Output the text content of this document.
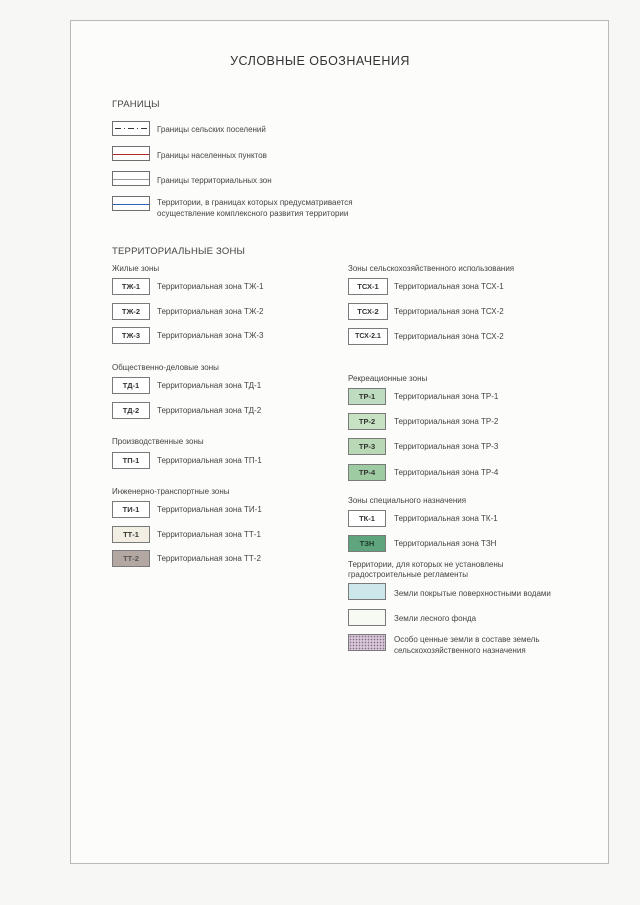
УСЛОВНЫЕ ОБОЗНАЧЕНИЯ
ГРАНИЦЫ
Границы сельских поселений
Границы населенных пунктов
Границы территориальных зон
Территории, в границах которых предусматривается
осуществление комплексного развития территории
ТЕРРИТОРИАЛЬНЫЕ ЗОНЫ
Жилые зоны
ТЖ-1	Территориальная зона ТЖ-1
ТЖ-2	Территориальная зона ТЖ-2
ТЖ-3	Территориальная зона ТЖ-3
Общественно-деловые зоны
ТД-1	Территориальная зона ТД-1
ТД-2	Территориальная зона ТД-2
Производственные зоны
ТП-1	Территориальная зона ТП-1
Инженерно-транспортные зоны
ТИ-1	Территориальная зона ТИ-1
ТТ-1	Территориальная зона ТТ-1
ТТ-2	Территориальная зона ТТ-2
Зоны сельскохозяйственного использования
ТСХ-1	Территориальная зона ТСХ-1
ТСХ-2	Территориальная зона ТСХ-2
ТСХ-2.1	Территориальная зона ТСХ-2
Рекреационные зоны
ТР-1	Территориальная зона ТР-1
ТР-2	Территориальная зона ТР-2
ТР-3	Территориальная зона ТР-3
ТР-4	Территориальная зона ТР-4
Зоны специального назначения
ТК-1	Территориальная зона ТК-1
ТЗН	Территориальная зона ТЗН
Территории, для которых не установлены
градостроительные регламенты
Земли покрытые поверхностными водами
Земли лесного фонда
Особо ценные земли в составе земель
сельскохозяйственного назначения
